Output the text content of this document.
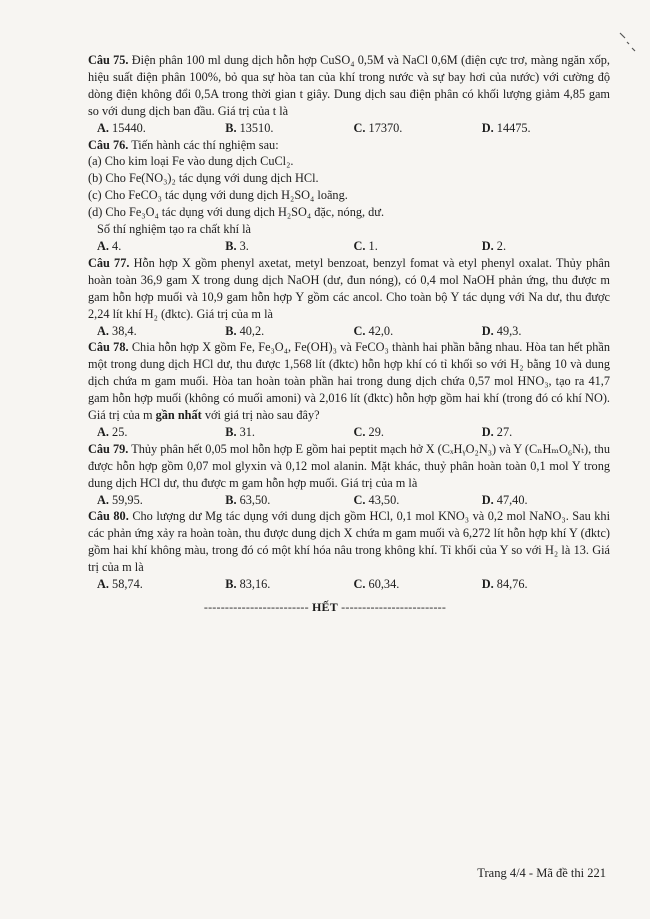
Câu 75. Điện phân 100 ml dung dịch hỗn hợp CuSO₄ 0,5M và NaCl 0,6M (điện cực trơ, màng ngăn xốp, hiệu suất điện phân 100%, bỏ qua sự hòa tan của khí trong nước và sự bay hơi của nước) với cường độ dòng điện không đổi 0,5A trong thời gian t giây. Dung dịch sau điện phân có khối lượng giảm 4,85 gam so với dung dịch ban đầu. Giá trị của t là

A. 15440.	B. 13510.	C. 17370.	D. 14475.

Câu 76. Tiến hành các thí nghiệm sau:

(a) Cho kim loại Fe vào dung dịch CuCl₂.

(b) Cho Fe(NO₃)₂ tác dụng với dung dịch HCl.

(c) Cho FeCO₃ tác dụng với dung dịch H₂SO₄ loãng.

(d) Cho Fe₃O₄ tác dụng với dung dịch H₂SO₄ đặc, nóng, dư.

Số thí nghiệm tạo ra chất khí là

A. 4.	B. 3.	C. 1.	D. 2.

Câu 77. Hỗn hợp X gồm phenyl axetat, metyl benzoat, benzyl fomat và etyl phenyl oxalat. Thủy phân hoàn toàn 36,9 gam X trong dung dịch NaOH (dư, đun nóng), có 0,4 mol NaOH phản ứng, thu được m gam hỗn hợp muối và 10,9 gam hỗn hợp Y gồm các ancol. Cho toàn bộ Y tác dụng với Na dư, thu được 2,24 lít khí H₂ (đktc). Giá trị của m là

A. 38,4.	B. 40,2.	C. 42,0.	D. 49,3.

Câu 78. Chia hỗn hợp X gồm Fe, Fe₃O₄, Fe(OH)₃ và FeCO₃ thành hai phần bằng nhau. Hòa tan hết phần một trong dung dịch HCl dư, thu được 1,568 lít (đktc) hỗn hợp khí có tỉ khối so với H₂ bằng 10 và dung dịch chứa m gam muối. Hòa tan hoàn toàn phần hai trong dung dịch chứa 0,57 mol HNO₃, tạo ra 41,7 gam hỗn hợp muối (không có muối amoni) và 2,016 lít (đktc) hỗn hợp gồm hai khí (trong đó có khí NO). Giá trị của m gần nhất với giá trị nào sau đây?

A. 25.	B. 31.	C. 29.	D. 27.

Câu 79. Thủy phân hết 0,05 mol hỗn hợp E gồm hai peptit mạch hở X (CₓHᵧO₂N₃) và Y (CₙHₘO₆Nₜ), thu được hỗn hợp gồm 0,07 mol glyxin và 0,12 mol alanin. Mặt khác, thuỷ phân hoàn toàn 0,1 mol Y trong dung dịch HCl dư, thu được m gam hỗn hợp muối. Giá trị của m là

A. 59,95.	B. 63,50.	C. 43,50.	D. 47,40.

Câu 80. Cho lượng dư Mg tác dụng với dung dịch gồm HCl, 0,1 mol KNO₃ và 0,2 mol NaNO₃. Sau khi các phản ứng xảy ra hoàn toàn, thu được dung dịch X chứa m gam muối và 6,272 lít hỗn hợp khí Y (đktc) gồm hai khí không màu, trong đó có một khí hóa nâu trong không khí. Tỉ khối của Y so với H₂ là 13. Giá trị của m là

A. 58,74.	B. 83,16.	C. 60,34.	D. 84,76.
------------------------- HẾT -------------------------
Trang 4/4 - Mã đề thi 221
